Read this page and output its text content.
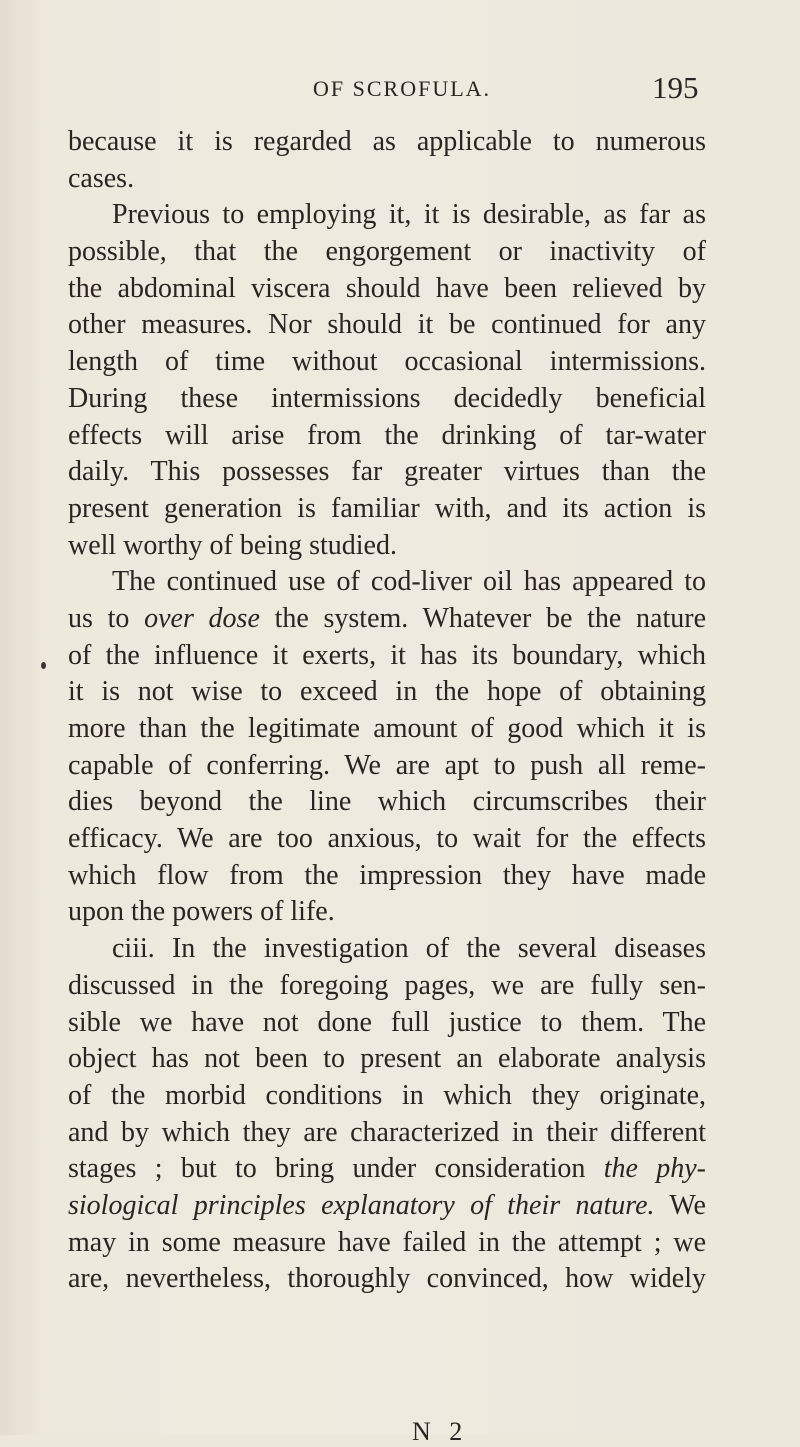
OF SCROFULA.	195
because it is regarded as applicable to numerous
cases.
Previous to employing it, it is desirable, as far as
possible, that the engorgement or inactivity of
the abdominal viscera should have been relieved by
other measures. Nor should it be continued for any
length of time without occasional intermissions.
During these intermissions decidedly beneficial
effects will arise from the drinking of tar-water
daily. This possesses far greater virtues than the
present generation is familiar with, and its action is
well worthy of being studied.
The continued use of cod-liver oil has appeared to
us to over dose the system. Whatever be the nature
of the influence it exerts, it has its boundary, which
it is not wise to exceed in the hope of obtaining
more than the legitimate amount of good which it is
capable of conferring. We are apt to push all reme-
dies beyond the line which circumscribes their
efficacy. We are too anxious, to wait for the effects
which flow from the impression they have made
upon the powers of life.
ciii. In the investigation of the several diseases
discussed in the foregoing pages, we are fully sen-
sible we have not done full justice to them. The
object has not been to present an elaborate analysis
of the morbid conditions in which they originate,
and by which they are characterized in their different
stages ; but to bring under consideration the phy-
siological principles explanatory of their nature. We
may in some measure have failed in the attempt ; we
are, nevertheless, thoroughly convinced, how widely
N 2
